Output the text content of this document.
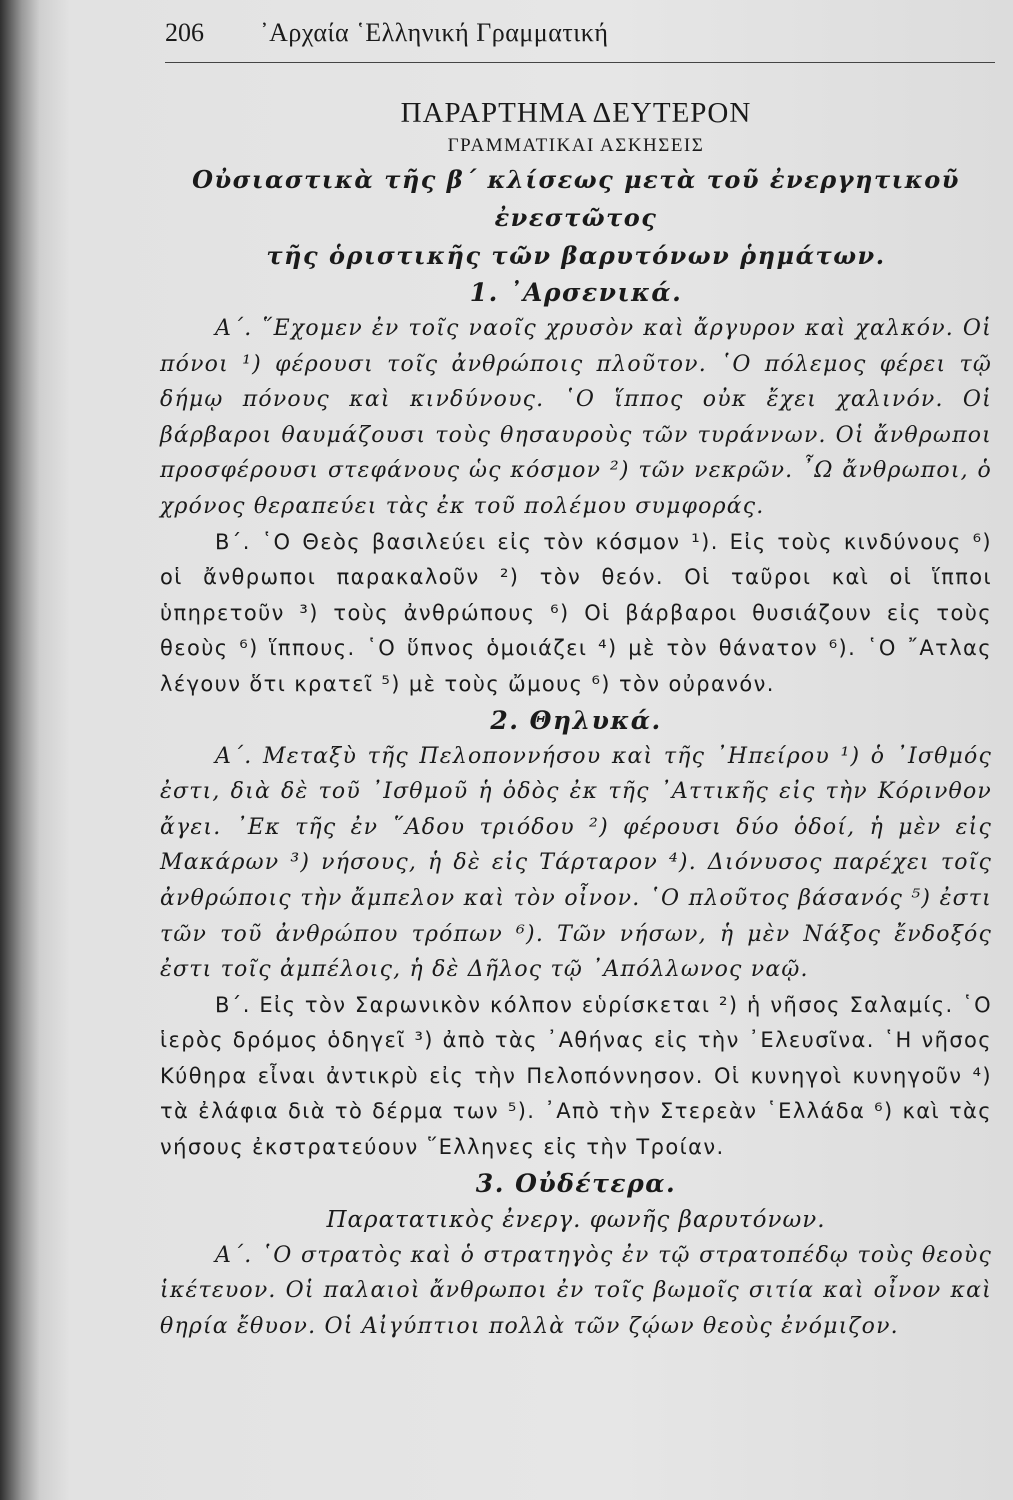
206 ᾿Αρχαία ῾Ελληνική Γραμματική

ΠΑΡΑΡΤΗΜΑ ΔΕΥΤΕΡΟΝ

ΓΡΑΜΜΑΤΙΚΑΙ ΑΣΚΗΣΕΙΣ

Οὐσιαστικὰ τῆς β΄ κλίσεως μετὰ τοῦ ἐνεργητικοῦ ἐνεστῶτος
τῆς ὁριστικῆς τῶν βαρυτόνων ῥημάτων.

1. ᾿Αρσενικά.

Α΄. ῞Εχομεν ἐν τοῖς ναοῖς χρυσὸν καὶ ἄργυρον καὶ χαλκόν. Οἱ πόνοι ¹) φέρουσι τοῖς ἀνθρώποις πλοῦτον. ῾Ο πόλεμος φέρει τῷ δήμῳ πόνους καὶ κινδύνους. ῾Ο ἵππος οὐκ ἔχει χαλινόν. Οἱ βάρβαροι θαυμάζουσι τοὺς θησαυροὺς τῶν τυράννων. Οἱ ἄνθρωποι προσφέρουσι στεφάνους ὡς κόσμον ²) τῶν νεκρῶν. ῏Ω ἄνθρωποι, ὁ χρόνος θεραπεύει τὰς ἐκ τοῦ πολέμου συμφοράς.

Β΄. ῾Ο Θεὸς βασιλεύει εἰς τὸν κόσμον ¹). Εἰς τοὺς κινδύνους ⁶) οἱ ἄνθρωποι παρακαλοῦν ²) τὸν θεόν. Οἱ ταῦροι καὶ οἱ ἵπποι ὑπηρετοῦν ³) τοὺς ἀνθρώπους ⁶) Οἱ βάρβαροι θυσιάζουν εἰς τοὺς θεοὺς ⁶) ἵππους. ῾Ο ὕπνος ὁμοιάζει ⁴) μὲ τὸν θάνατον ⁶). ῾Ο ῎Ατλας λέγουν ὅτι κρατεῖ ⁵) μὲ τοὺς ὤμους ⁶) τὸν οὐρανόν.

2. Θηλυκά.

Α΄. Μεταξὺ τῆς Πελοποννήσου καὶ τῆς ᾿Ηπείρου ¹) ὁ ᾿Ισθμός ἐστι, διὰ δὲ τοῦ ᾿Ισθμοῦ ἡ ὁδὸς ἐκ τῆς ᾿Αττικῆς εἰς τὴν Κόρινθον ἄγει. ᾿Εκ τῆς ἐν ῞Αδου τριόδου ²) φέρουσι δύο ὁδοί, ἡ μὲν εἰς Μακάρων ³) νήσους, ἡ δὲ εἰς Τάρταρον ⁴). Διόνυσος παρέχει τοῖς ἀνθρώποις τὴν ἄμπελον καὶ τὸν οἶνον. ῾Ο πλοῦτος βάσανός ⁵) ἐστι τῶν τοῦ ἀνθρώπου τρόπων ⁶). Τῶν νήσων, ἡ μὲν Νάξος ἔνδοξός ἐστι τοῖς ἀμπέλοις, ἡ δὲ Δῆλος τῷ ᾿Απόλλωνος ναῷ.

Β΄. Εἰς τὸν Σαρωνικὸν κόλπον εὑρίσκεται ²) ἡ νῆσος Σαλαμίς. ῾Ο ἱερὸς δρόμος ὁδηγεῖ ³) ἀπὸ τὰς ᾿Αθήνας εἰς τὴν ᾿Ελευσῖνα. ῾Η νῆσος Κύθηρα εἶναι ἀντικρὺ εἰς τὴν Πελοπόννησον. Οἱ κυνηγοὶ κυνηγοῦν ⁴) τὰ ἐλάφια διὰ τὸ δέρμα των ⁵). ᾿Απὸ τὴν Στερεὰν ῾Ελλάδα ⁶) καὶ τὰς νήσους ἐκστρατεύουν ῞Ελληνες εἰς τὴν Τροίαν.

3. Οὐδέτερα.

Παρατατικὸς ἐνεργ. φωνῆς βαρυτόνων.

Α΄. ῾Ο στρατὸς καὶ ὁ στρατηγὸς ἐν τῷ στρατοπέδῳ τοὺς θεοὺς ἱκέτευον. Οἱ παλαιοὶ ἄνθρωποι ἐν τοῖς βωμοῖς σιτία καὶ οἶνον καὶ θηρία ἔθυον. Οἱ Αἰγύπτιοι πολλὰ τῶν ζῴων θεοὺς ἐνόμιζον.
